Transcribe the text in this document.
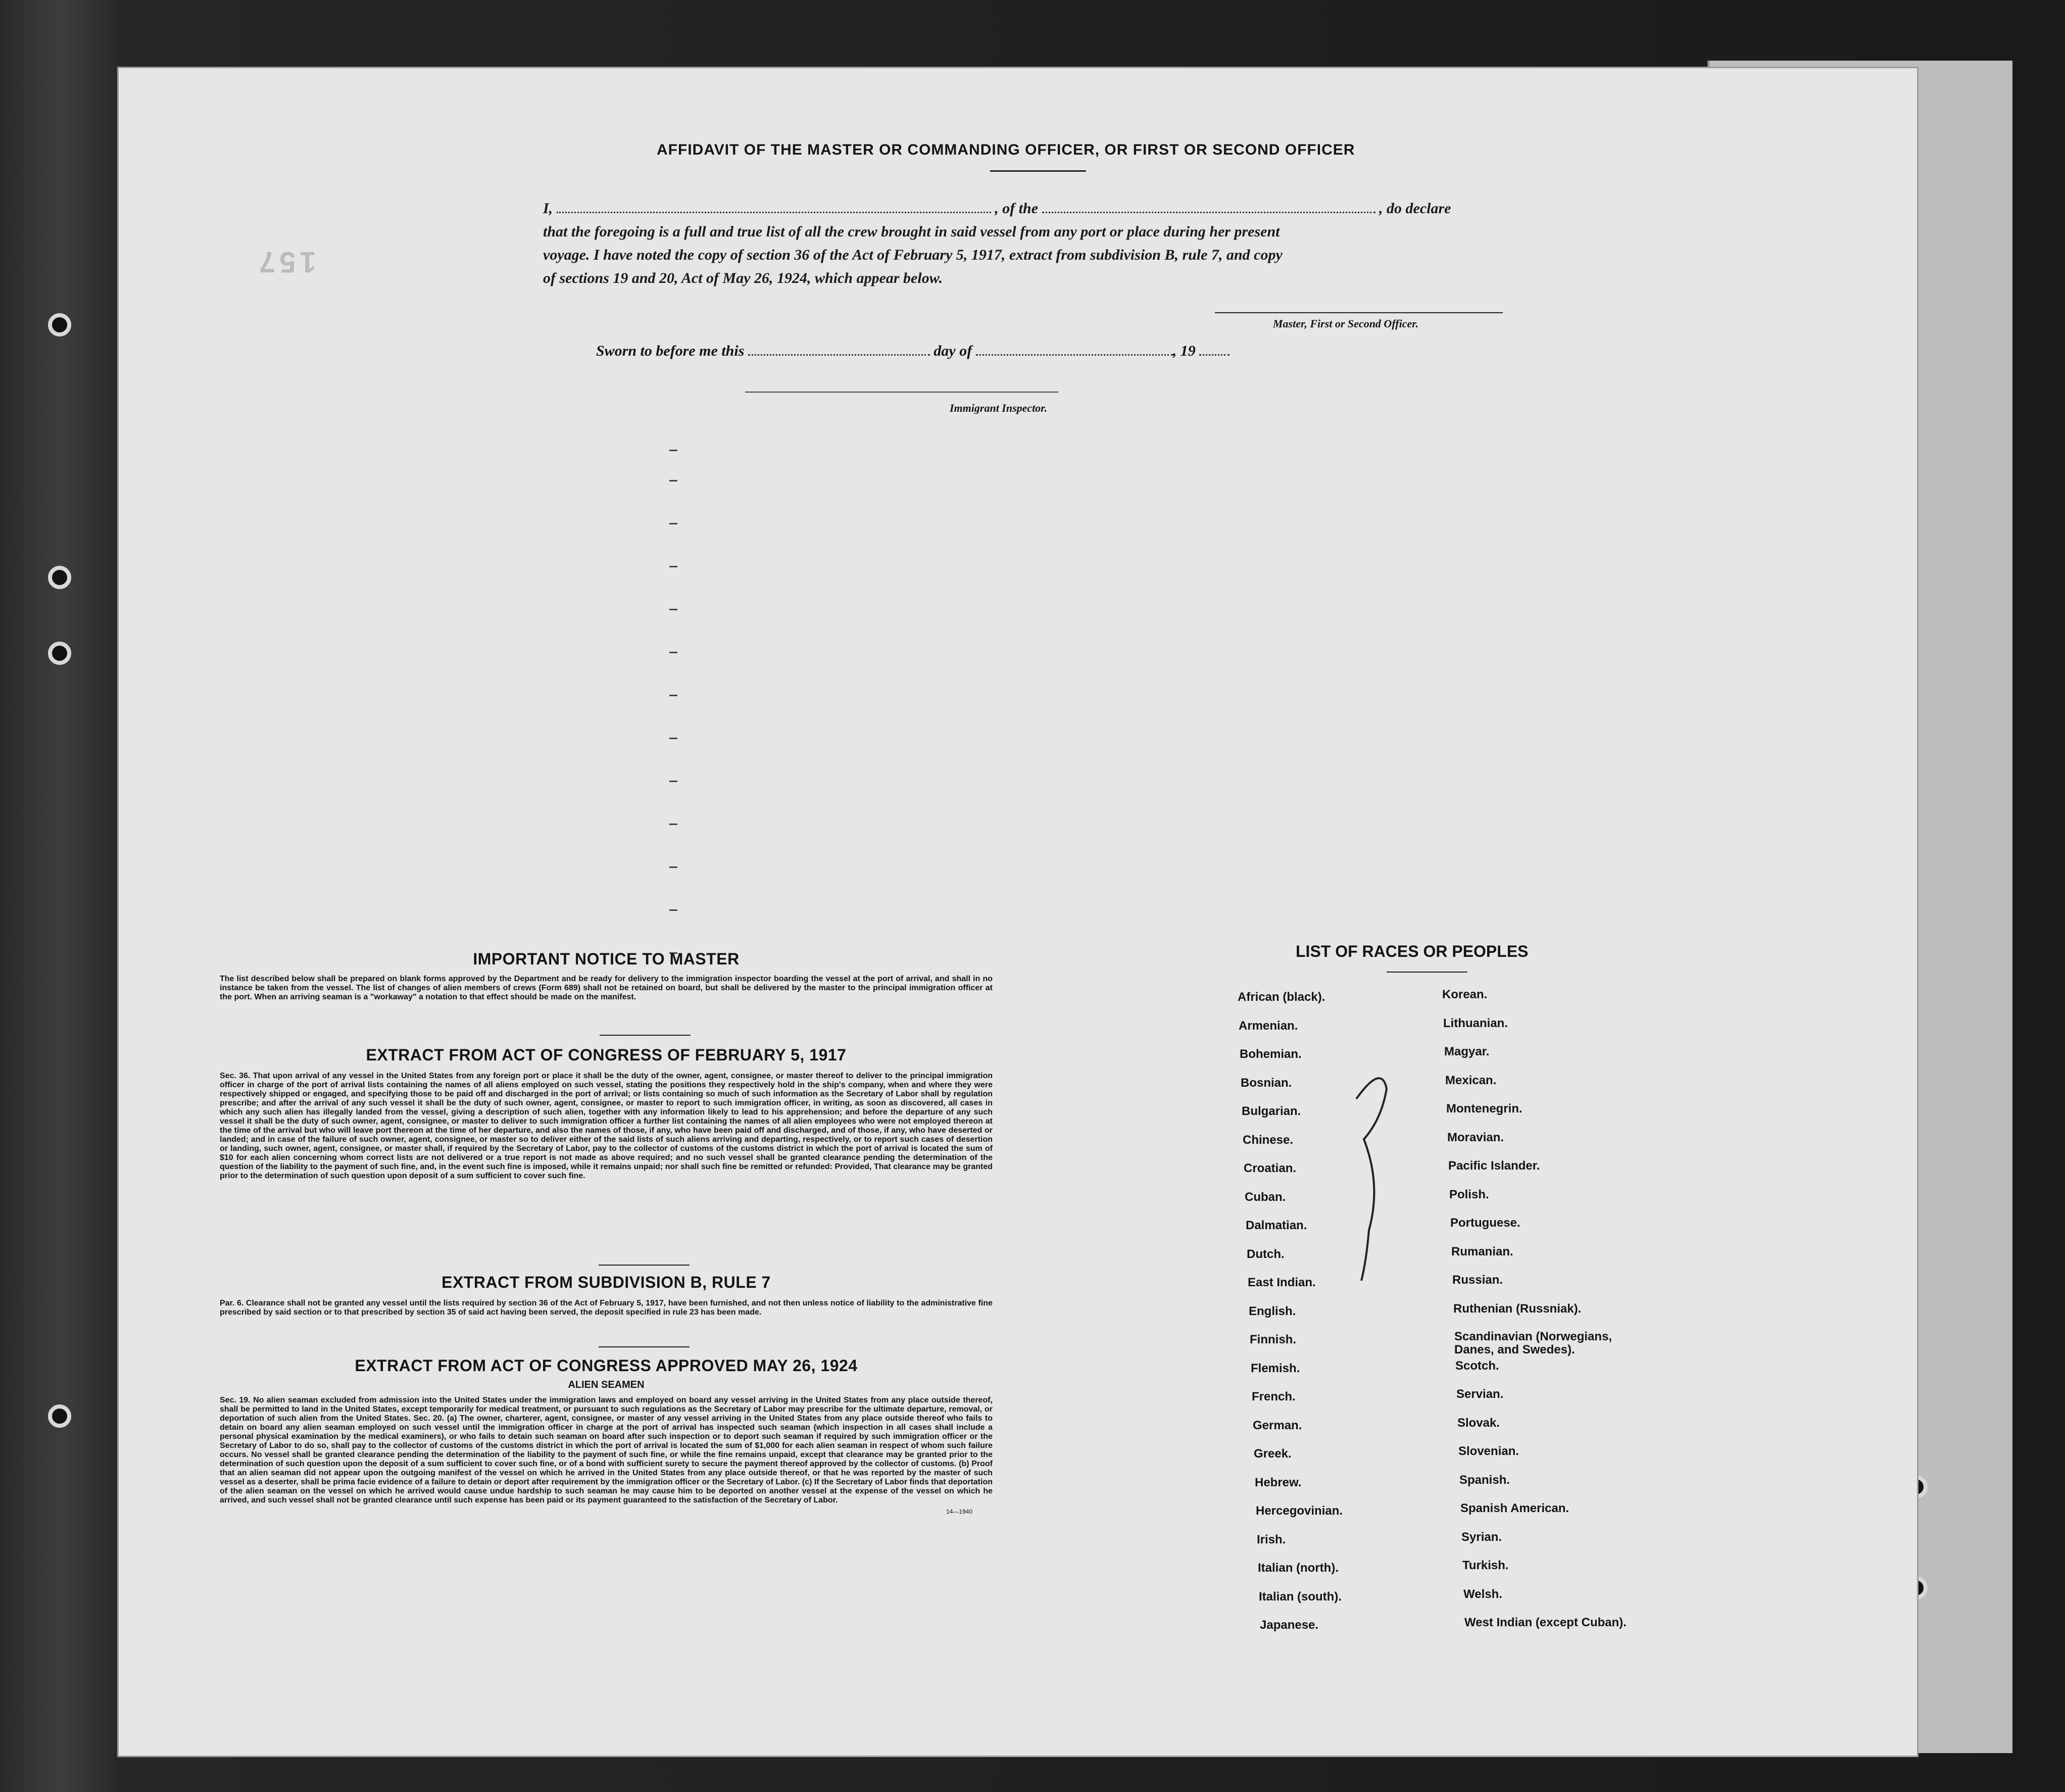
AFFIDAVIT OF THE MASTER OR COMMANDING OFFICER, OR FIRST OR SECOND OFFICER
157
I,	, of the	, do declare
that the foregoing is a full and true list of all the crew brought in said vessel from any port or place during her present
voyage. I have noted the copy of section 36 of the Act of February 5, 1917, extract from subdivision B, rule 7, and copy
of sections 19 and 20, Act of May 26, 1924, which appear below.
Master, First or Second Officer.
Sworn to before me this	day of	, 19
Immigrant Inspector.
IMPORTANT NOTICE TO MASTER
The list described below shall be prepared on blank forms approved by the Department and be ready for delivery to the immigration inspector boarding the vessel at the port of arrival, and shall in no instance be taken from the vessel. The list of changes of alien members of crews (Form 689) shall not be retained on board, but shall be delivered by the master to the principal immigration officer at the port. When an arriving seaman is a "workaway" a notation to that effect should be made on the manifest.
EXTRACT FROM ACT OF CONGRESS OF FEBRUARY 5, 1917
Sec. 36. That upon arrival of any vessel in the United States from any foreign port or place it shall be the duty of the owner, agent, consignee, or master thereof to deliver to the principal immigration officer in charge of the port of arrival lists containing the names of all aliens employed on such vessel, stating the positions they respectively hold in the ship's company, when and where they were respectively shipped or engaged, and specifying those to be paid off and discharged in the port of arrival; or lists containing so much of such information as the Secretary of Labor shall by regulation prescribe; and after the arrival of any such vessel it shall be the duty of such owner, agent, consignee, or master to report to such immigration officer, in writing, as soon as discovered, all cases in which any such alien has illegally landed from the vessel, giving a description of such alien, together with any information likely to lead to his apprehension; and before the departure of any such vessel it shall be the duty of such owner, agent, consignee, or master to deliver to such immigration officer a further list containing the names of all alien employees who were not employed thereon at the time of the arrival but who will leave port thereon at the time of her departure, and also the names of those, if any, who have been paid off and discharged, and of those, if any, who have deserted or landed; and in case of the failure of such owner, agent, consignee, or master so to deliver either of the said lists of such aliens arriving and departing, respectively, or to report such cases of desertion or landing, such owner, agent, consignee, or master shall, if required by the Secretary of Labor, pay to the collector of customs of the customs district in which the port of arrival is located the sum of $10 for each alien concerning whom correct lists are not delivered or a true report is not made as above required; and no such vessel shall be granted clearance pending the determination of the question of the liability to the payment of such fine, and, in the event such fine is imposed, while it remains unpaid; nor shall such fine be remitted or refunded: Provided, That clearance may be granted prior to the determination of such question upon deposit of a sum sufficient to cover such fine.
EXTRACT FROM SUBDIVISION B, RULE 7
Par. 6. Clearance shall not be granted any vessel until the lists required by section 36 of the Act of February 5, 1917, have been furnished, and not then unless notice of liability to the administrative fine prescribed by said section or to that prescribed by section 35 of said act having been served, the deposit specified in rule 23 has been made.
EXTRACT FROM ACT OF CONGRESS APPROVED MAY 26, 1924
ALIEN SEAMEN
Sec. 19. No alien seaman excluded from admission into the United States under the immigration laws and employed on board any vessel arriving in the United States from any place outside thereof, shall be permitted to land in the United States, except temporarily for medical treatment, or pursuant to such regulations as the Secretary of Labor may prescribe for the ultimate departure, removal, or deportation of such alien from the United States. Sec. 20. (a) The owner, charterer, agent, consignee, or master of any vessel arriving in the United States from any place outside thereof who fails to detain on board any alien seaman employed on such vessel until the immigration officer in charge at the port of arrival has inspected such seaman (which inspection in all cases shall include a personal physical examination by the medical examiners), or who fails to detain such seaman on board after such inspection or to deport such seaman if required by such immigration officer or the Secretary of Labor to do so, shall pay to the collector of customs of the customs district in which the port of arrival is located the sum of $1,000 for each alien seaman in respect of whom such failure occurs. No vessel shall be granted clearance pending the determination of the liability to the payment of such fine, or while the fine remains unpaid, except that clearance may be granted prior to the determination of such question upon the deposit of a sum sufficient to cover such fine, or of a bond with sufficient surety to secure the payment thereof approved by the collector of customs. (b) Proof that an alien seaman did not appear upon the outgoing manifest of the vessel on which he arrived in the United States from any place outside thereof, or that he was reported by the master of such vessel as a deserter, shall be prima facie evidence of a failure to detain or deport after requirement by the immigration officer or the Secretary of Labor. (c) If the Secretary of Labor finds that deportation of the alien seaman on the vessel on which he arrived would cause undue hardship to such seaman he may cause him to be deported on another vessel at the expense of the vessel on which he arrived, and such vessel shall not be granted clearance until such expense has been paid or its payment guaranteed to the satisfaction of the Secretary of Labor.
14—1940
LIST OF RACES OR PEOPLES
African (black).
Armenian.
Bohemian.
Bosnian.
Bulgarian.
Chinese.
Croatian.
Cuban.
Dalmatian.
Dutch.
East Indian.
English.
Finnish.
Flemish.
French.
German.
Greek.
Hebrew.
Hercegovinian.
Irish.
Italian (north).
Italian (south).
Japanese.
Korean.
Lithuanian.
Magyar.
Mexican.
Montenegrin.
Moravian.
Pacific Islander.
Polish.
Portuguese.
Rumanian.
Russian.
Ruthenian (Russniak).
Scandinavian (Norwegians, Danes, and Swedes).
Scotch.
Servian.
Slovak.
Slovenian.
Spanish.
Spanish American.
Syrian.
Turkish.
Welsh.
West Indian (except Cuban).
